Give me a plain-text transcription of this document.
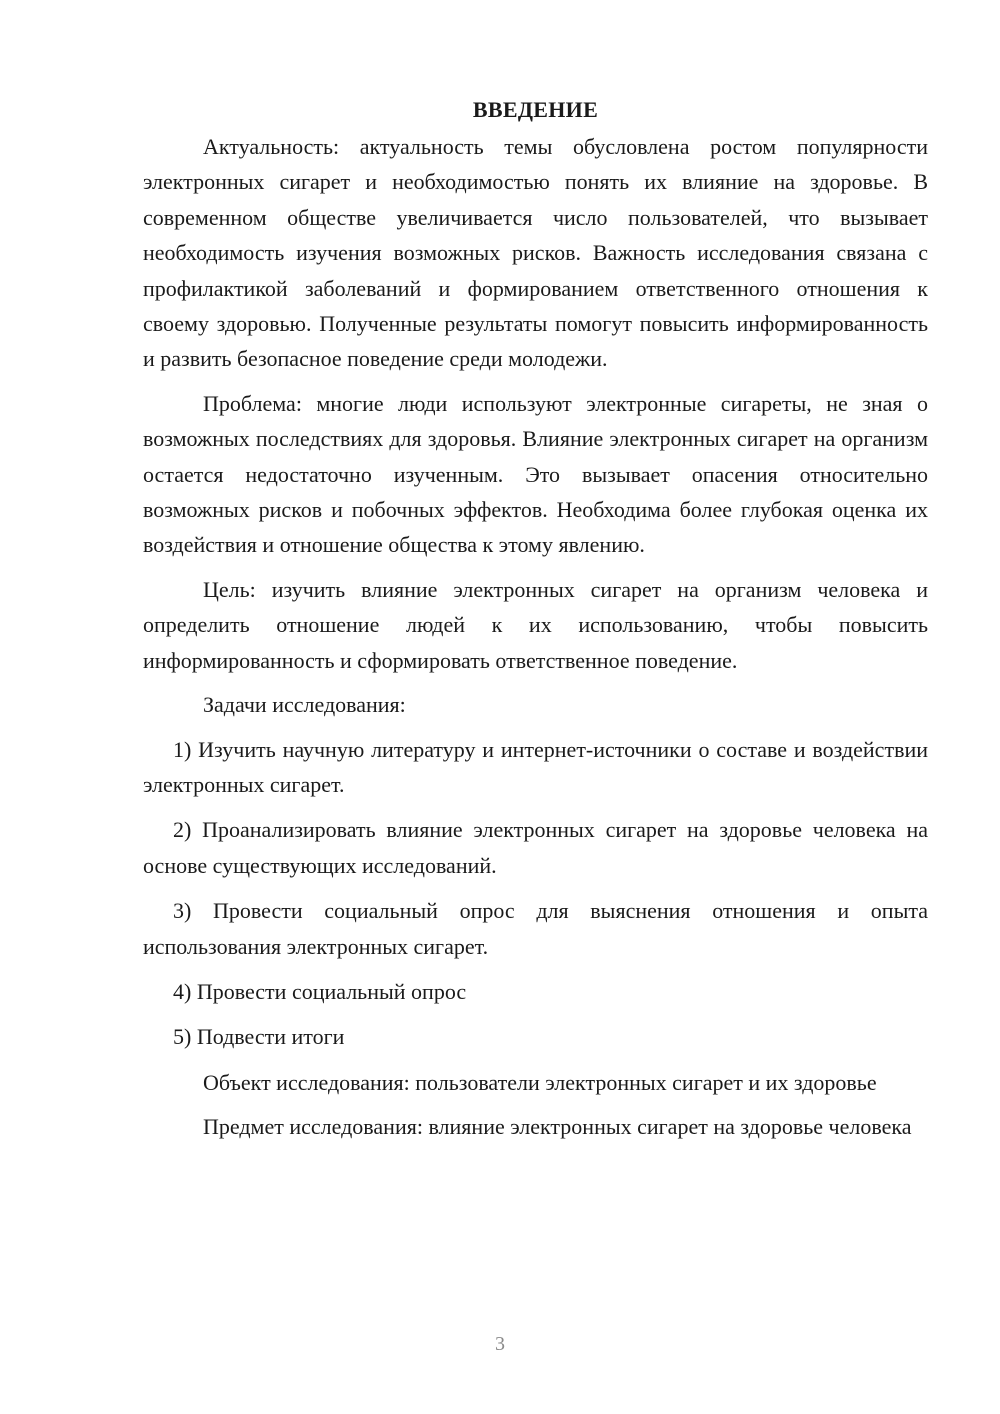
ВВЕДЕНИЕ

Актуальность: актуальность темы обусловлена ростом популярности электронных сигарет и необходимостью понять их влияние на здоровье. В современном обществе увеличивается число пользователей, что вызывает необходимость изучения возможных рисков. Важность исследования связана с профилактикой заболеваний и формированием ответственного отношения к своему здоровью. Полученные результаты помогут повысить информированность и развить безопасное поведение среди молодежи.

Проблема: многие люди используют электронные сигареты, не зная о возможных последствиях для здоровья. Влияние электронных сигарет на организм остается недостаточно изученным. Это вызывает опасения относительно возможных рисков и побочных эффектов. Необходима более глубокая оценка их воздействия и отношение общества к этому явлению.

Цель: изучить влияние электронных сигарет на организм человека и определить отношение людей к их использованию, чтобы повысить информированность и сформировать ответственное поведение.

Задачи исследования:

1) Изучить научную литературу и интернет-источники о составе и воздействии электронных сигарет.

2) Проанализировать влияние электронных сигарет на здоровье человека на основе существующих исследований.

3) Провести социальный опрос для выяснения отношения и опыта использования электронных сигарет.

4) Провести социальный опрос

5) Подвести итоги

Объект исследования: пользователи электронных сигарет и их здоровье

Предмет исследования: влияние электронных сигарет на здоровье человека

3
